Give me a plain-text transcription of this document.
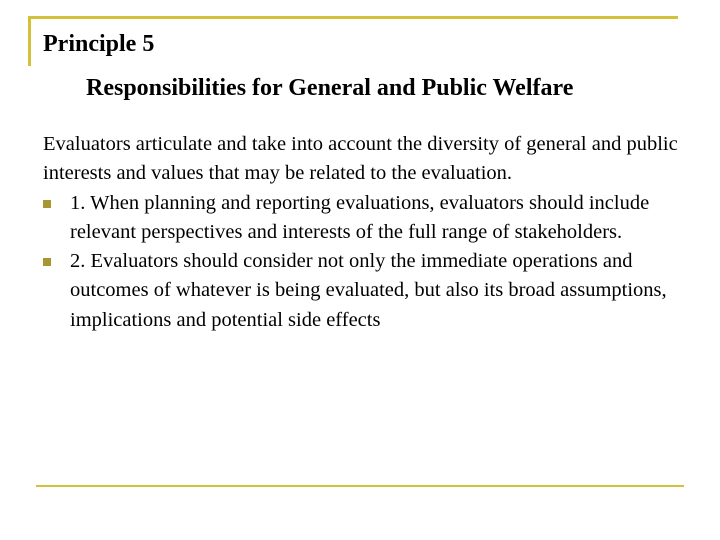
Principle 5
Responsibilities for General and Public Welfare

Evaluators articulate and take into account the diversity of general and public interests and values that may be related to the evaluation.

1. When planning and reporting evaluations, evaluators should include relevant perspectives and interests of the full range of stakeholders.
2. Evaluators should consider not only the immediate operations and outcomes of whatever is being evaluated, but also its broad assumptions, implications and potential side effects
